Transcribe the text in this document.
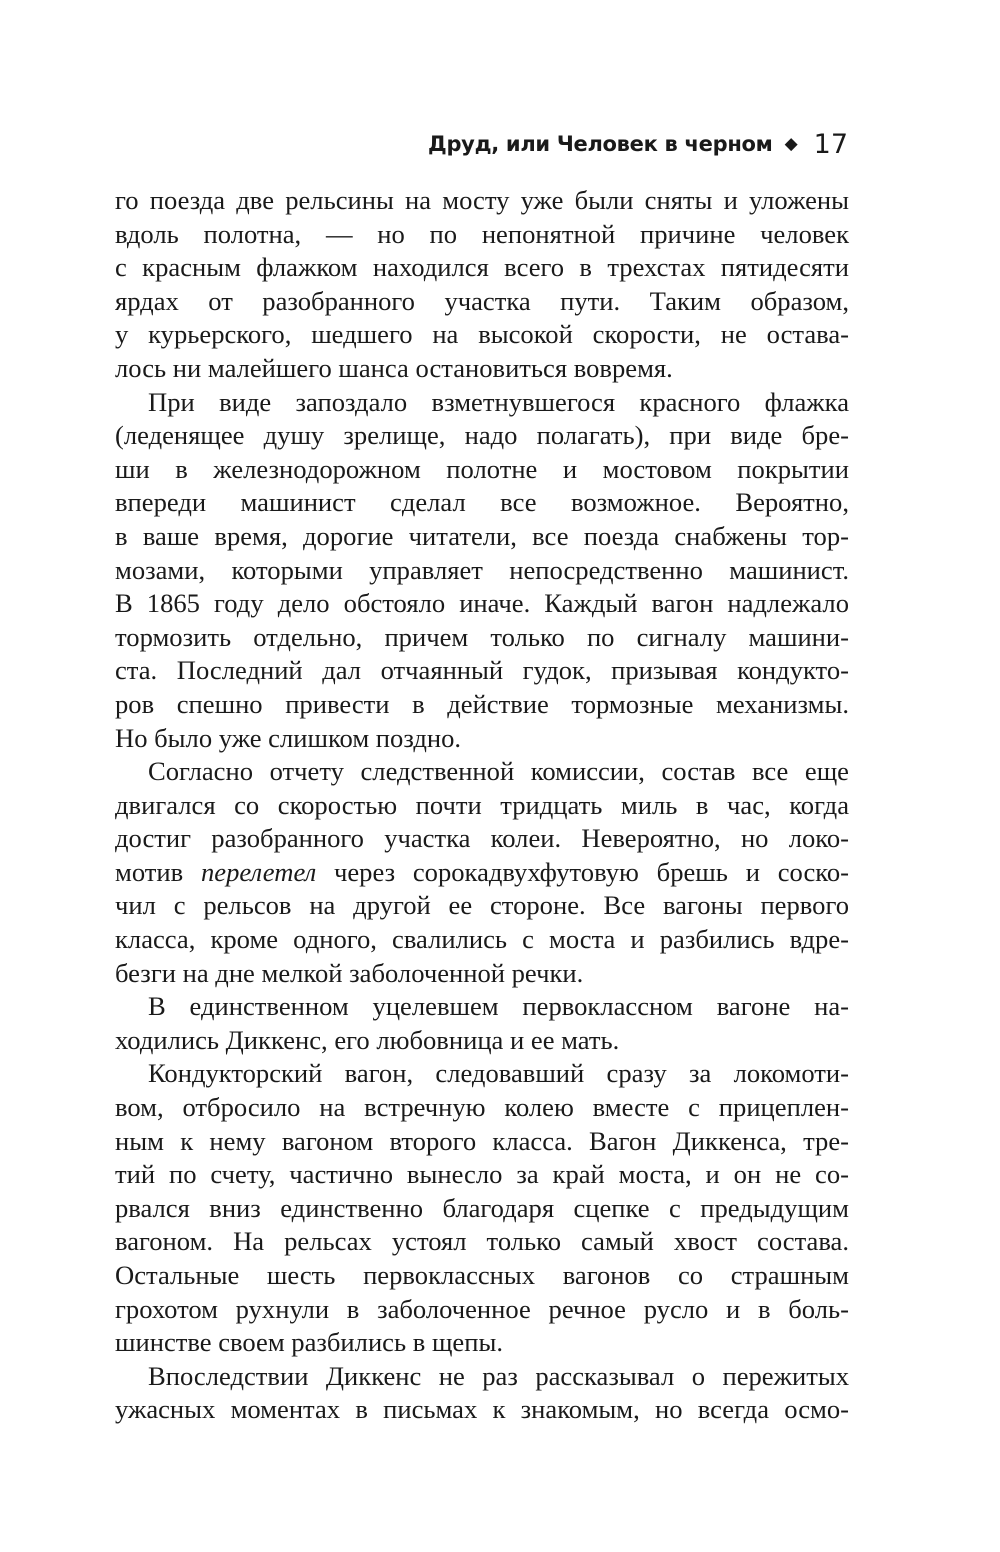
Друд, или Человек в черном ◆ 17
го поезда две рельсины на мосту уже были сняты и уложены
вдоль полотна, — но по непонятной причине человек
с красным флажком находился всего в трехстах пятидесяти
ярдах от разобранного участка пути. Таким образом,
у курьерского, шедшего на высокой скорости, не остава-
лось ни малейшего шанса остановиться вовремя.
При виде запоздало взметнувшегося красного флажка
(леденящее душу зрелище, надо полагать), при виде бре-
ши в железнодорожном полотне и мостовом покрытии
впереди машинист сделал все возможное. Вероятно,
в ваше время, дорогие читатели, все поезда снабжены тор-
мозами, которыми управляет непосредственно машинист.
В 1865 году дело обстояло иначе. Каждый вагон надлежало
тормозить отдельно, причем только по сигналу машини-
ста. Последний дал отчаянный гудок, призывая кондукто-
ров спешно привести в действие тормозные механизмы.
Но было уже слишком поздно.
Согласно отчету следственной комиссии, состав все еще
двигался со скоростью почти тридцать миль в час, когда
достиг разобранного участка колеи. Невероятно, но локо-
мотив перелетел через сорокадвухфутовую брешь и соско-
чил с рельсов на другой ее стороне. Все вагоны первого
класса, кроме одного, свалились с моста и разбились вдре-
безги на дне мелкой заболоченной речки.
В единственном уцелевшем первоклассном вагоне на-
ходились Диккенс, его любовница и ее мать.
Кондукторский вагон, следовавший сразу за локомоти-
вом, отбросило на встречную колею вместе с прицеплен-
ным к нему вагоном второго класса. Вагон Диккенса, тре-
тий по счету, частично вынесло за край моста, и он не со-
рвался вниз единственно благодаря сцепке с предыдущим
вагоном. На рельсах устоял только самый хвост состава.
Остальные шесть первоклассных вагонов со страшным
грохотом рухнули в заболоченное речное русло и в боль-
шинстве своем разбились в щепы.
Впоследствии Диккенс не раз рассказывал о пережитых
ужасных моментах в письмах к знакомым, но всегда осмо-
